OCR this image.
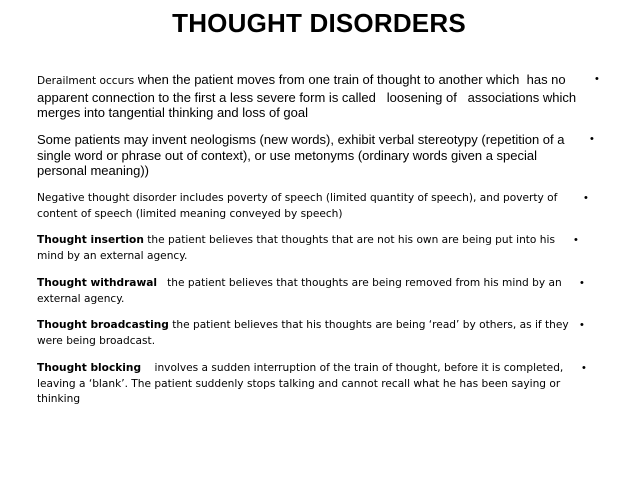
THOUGHT DISORDERS
Derailment occurs when the patient moves from one train of thought to another which  has no apparent connection to the first a less severe form is called   loosening of   associations which merges into tangential thinking and loss of goal
•
Some patients may invent neologisms (new words), exhibit verbal stereotypy (repetition of a single word or phrase out of context), or use metonyms (ordinary words given a special personal meaning))
•
Negative thought disorder includes poverty of speech (limited quantity of speech), and poverty of content of speech (limited meaning conveyed by speech)
•
Thought insertion the patient believes that thoughts that are not his own are being put into his mind by an external agency.
•
Thought withdrawal   the patient believes that thoughts are being removed from his mind by an external agency.
•
Thought broadcasting the patient believes that his thoughts are being ‘read’ by others, as if they were being broadcast.
•
Thought blocking    involves a sudden interruption of the train of thought, before it is completed, leaving a ‘blank’. The patient suddenly stops talking and cannot recall what he has been saying or thinking
•
